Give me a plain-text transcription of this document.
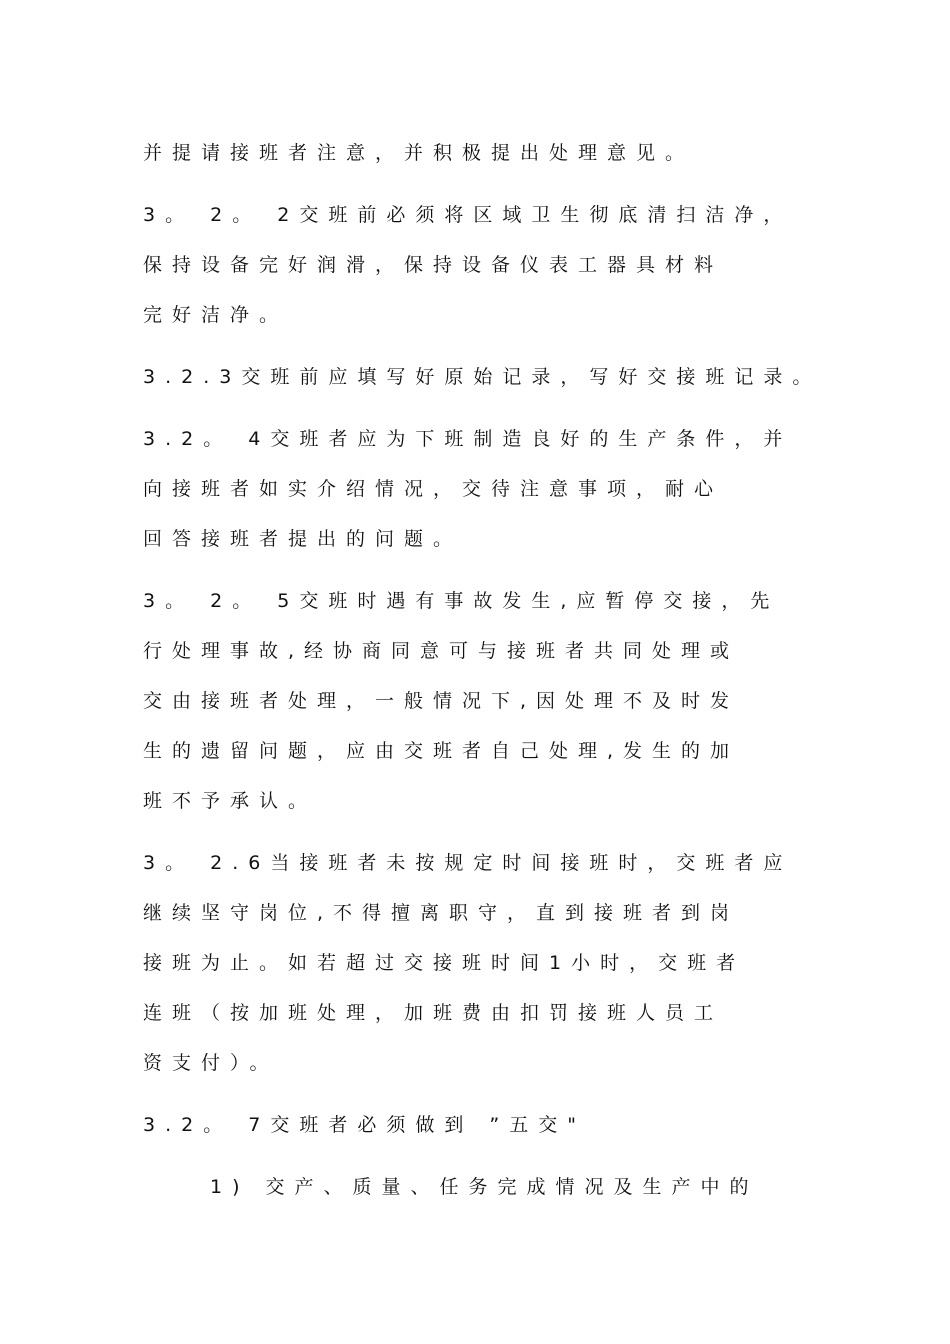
并提请接班者注意，并积极提出处理意见。
3。 2。 2交班前必须将区域卫生彻底清扫洁净，
保持设备完好润滑，保持设备仪表工器具材料
完好洁净。
3.2.3交班前应填写好原始记录，写好交接班记录。
3.2。 4交班者应为下班制造良好的生产条件，并
向接班者如实介绍情况，交待注意事项，耐心
回答接班者提出的问题。
3。 2。 5交班时遇有事故发生,应暂停交接，先
行处理事故,经协商同意可与接班者共同处理或
交由接班者处理，一般情况下,因处理不及时发
生的遗留问题，应由交班者自己处理,发生的加
班不予承认。
3。 2.6当接班者未按规定时间接班时，交班者应
继续坚守岗位,不得擅离职守，直到接班者到岗
接班为止。如若超过交接班时间1小时，交班者
连班（按加班处理，加班费由扣罚接班人员工
资支付）。
3.2。 7交班者必须做到 ”五交"
1) 交产、质量、任务完成情况及生产中的
